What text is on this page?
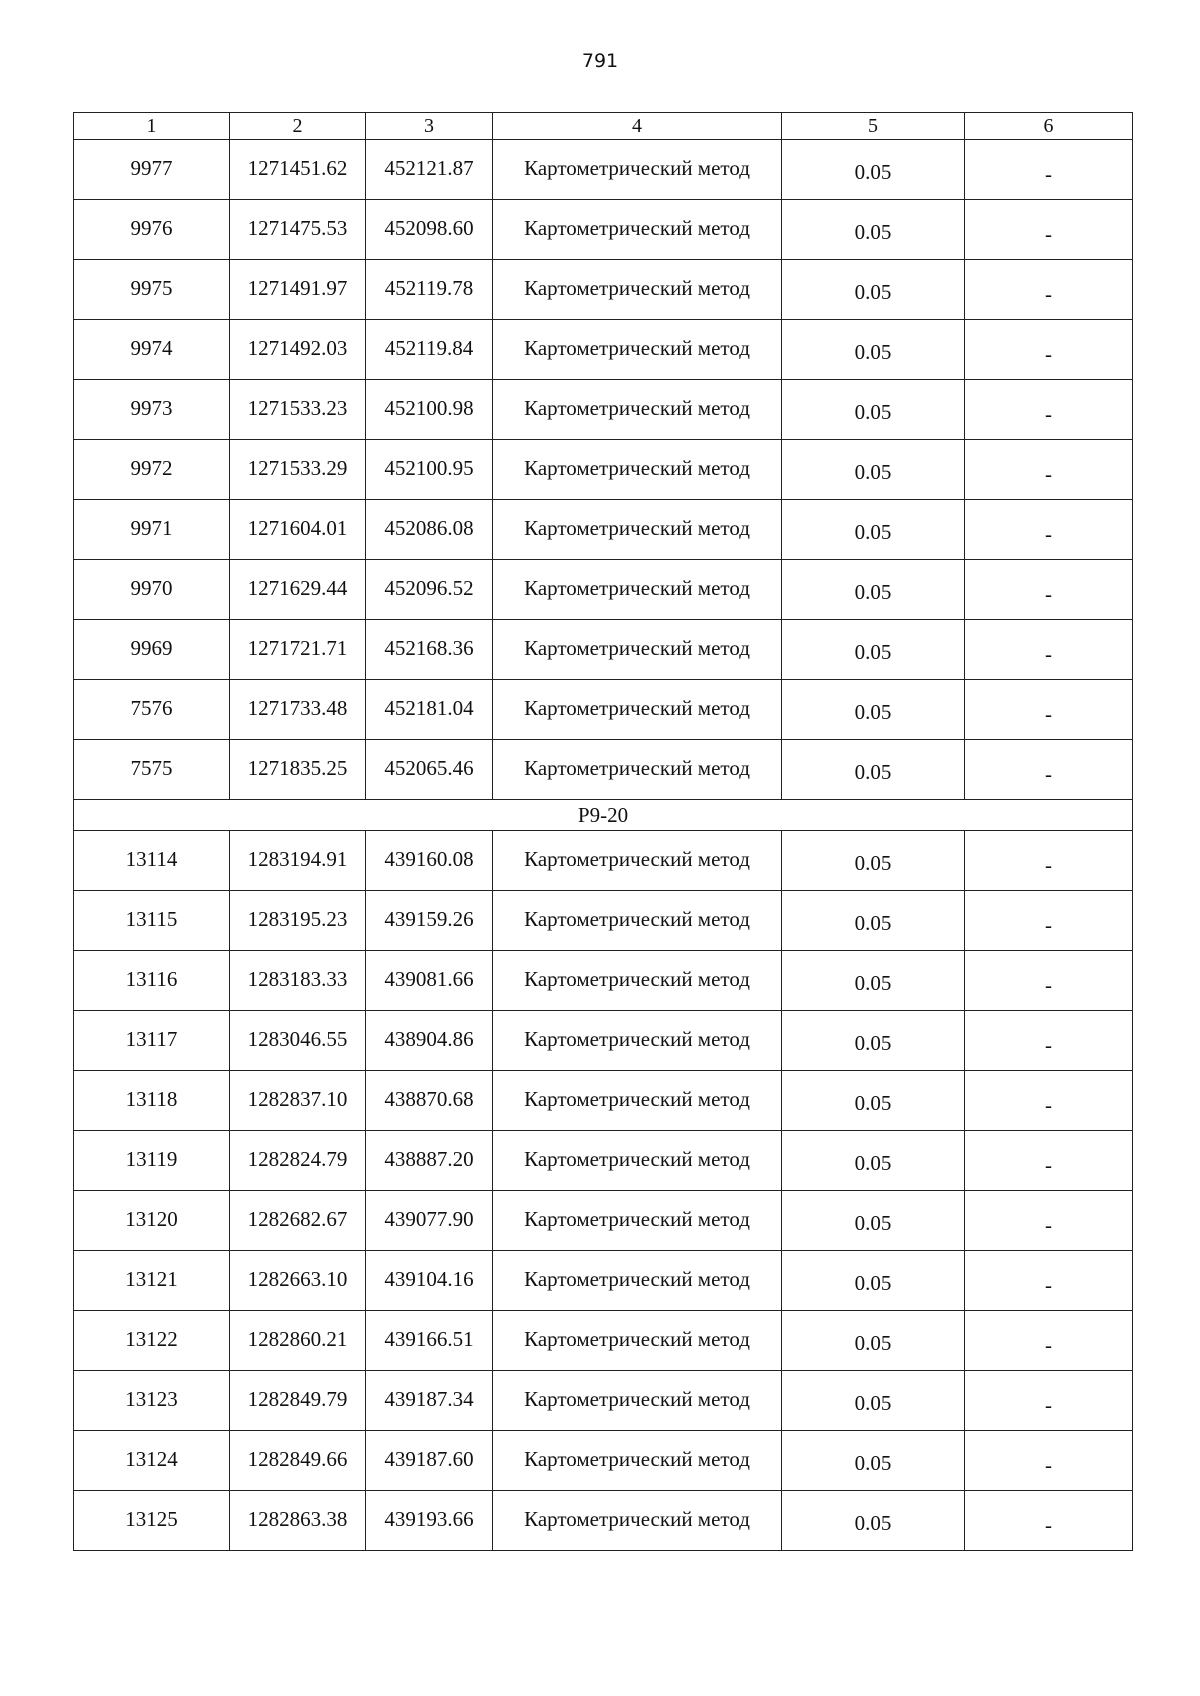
791
1	2	3	4	5	6
9977	1271451.62	452121.87	Картометрический метод	0.05	-
9976	1271475.53	452098.60	Картометрический метод	0.05	-
9975	1271491.97	452119.78	Картометрический метод	0.05	-
9974	1271492.03	452119.84	Картометрический метод	0.05	-
9973	1271533.23	452100.98	Картометрический метод	0.05	-
9972	1271533.29	452100.95	Картометрический метод	0.05	-
9971	1271604.01	452086.08	Картометрический метод	0.05	-
9970	1271629.44	452096.52	Картометрический метод	0.05	-
9969	1271721.71	452168.36	Картометрический метод	0.05	-
7576	1271733.48	452181.04	Картометрический метод	0.05	-
7575	1271835.25	452065.46	Картометрический метод	0.05	-
Р9-20					
13114	1283194.91	439160.08	Картометрический метод	0.05	-
13115	1283195.23	439159.26	Картометрический метод	0.05	-
13116	1283183.33	439081.66	Картометрический метод	0.05	-
13117	1283046.55	438904.86	Картометрический метод	0.05	-
13118	1282837.10	438870.68	Картометрический метод	0.05	-
13119	1282824.79	438887.20	Картометрический метод	0.05	-
13120	1282682.67	439077.90	Картометрический метод	0.05	-
13121	1282663.10	439104.16	Картометрический метод	0.05	-
13122	1282860.21	439166.51	Картометрический метод	0.05	-
13123	1282849.79	439187.34	Картометрический метод	0.05	-
13124	1282849.66	439187.60	Картометрический метод	0.05	-
13125	1282863.38	439193.66	Картометрический метод	0.05	-
